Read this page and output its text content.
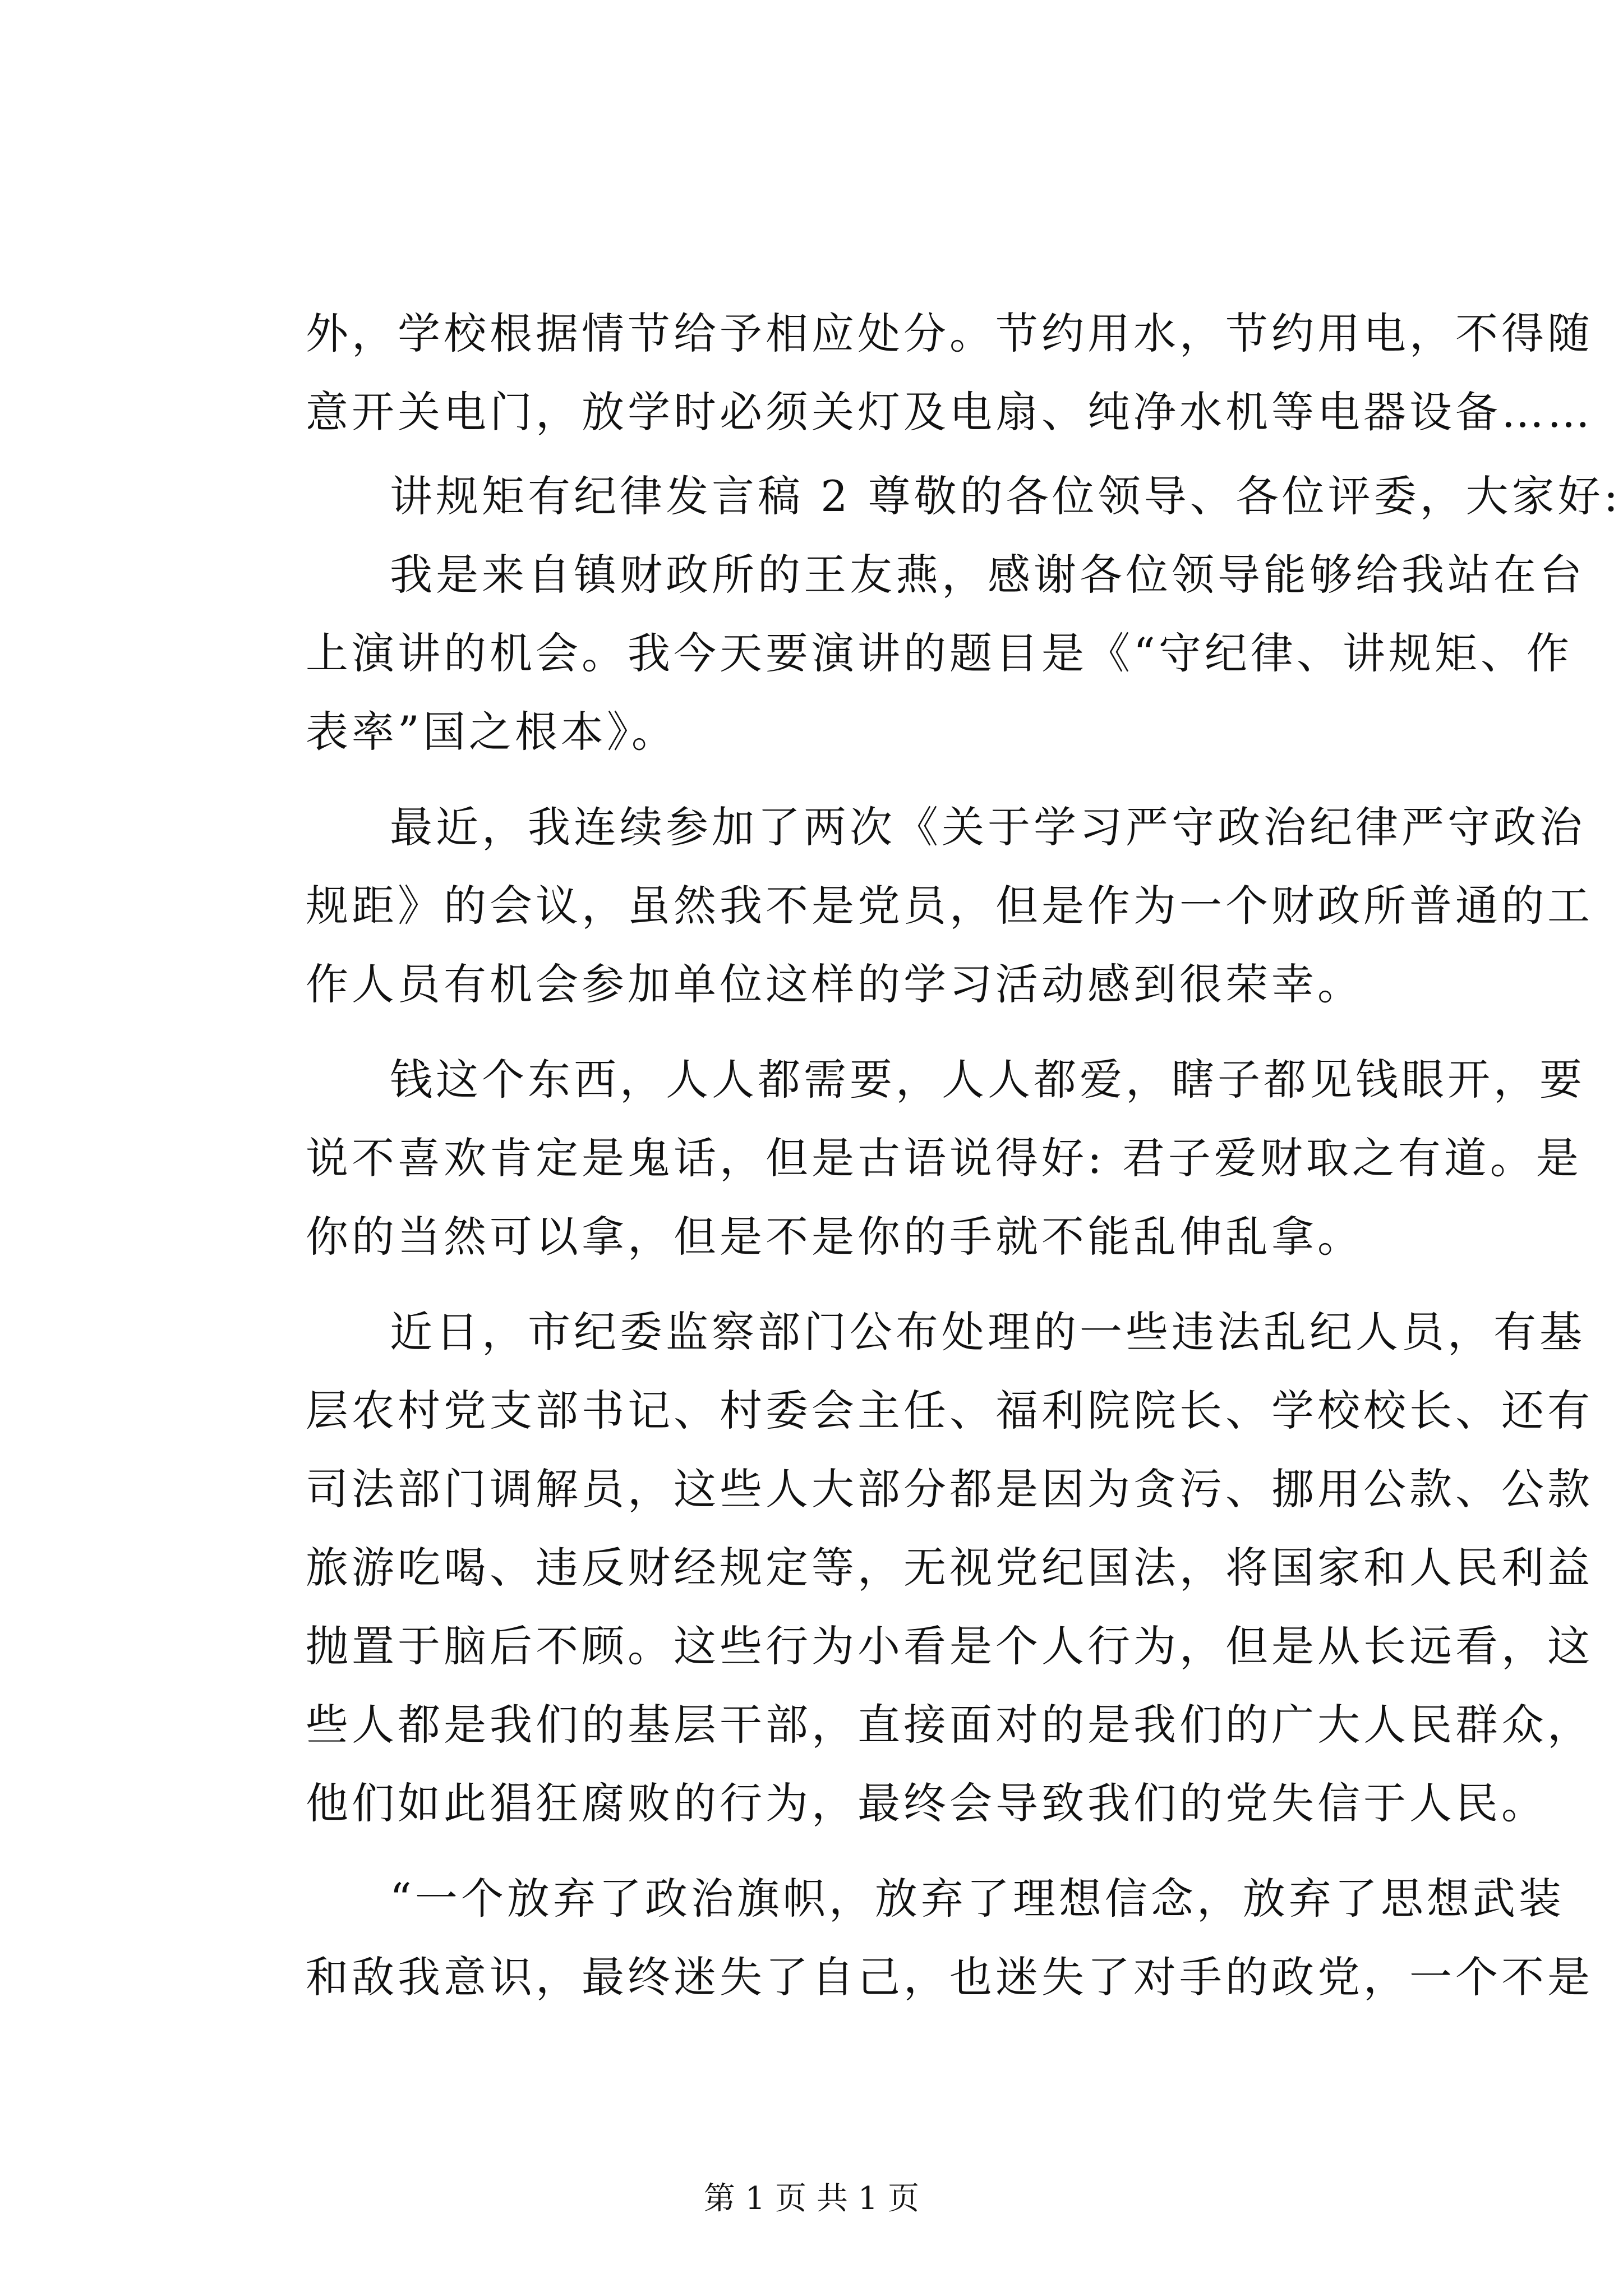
外，学校根据情节给予相应处分。节约用水，节约用电，不得随
意开关电门，放学时必须关灯及电扇、纯净水机等电器设备……
讲规矩有纪律发言稿 2 尊敬的各位领导、各位评委，大家好:
我是来自镇财政所的王友燕，感谢各位领导能够给我站在台
上演讲的机会。我今天要演讲的题目是《“守纪律、讲规矩、作
表率”国之根本》。
最近，我连续参加了两次《关于学习严守政治纪律严守政治
规距》的会议，虽然我不是党员，但是作为一个财政所普通的工
作人员有机会参加单位这样的学习活动感到很荣幸。
钱这个东西，人人都需要，人人都爱，瞎子都见钱眼开，要
说不喜欢肯定是鬼话，但是古语说得好: 君子爱财取之有道。是
你的当然可以拿，但是不是你的手就不能乱伸乱拿。
近日，市纪委监察部门公布处理的一些违法乱纪人员，有基
层农村党支部书记、村委会主任、福利院院长、学校校长、还有
司法部门调解员，这些人大部分都是因为贪污、挪用公款、公款
旅游吃喝、违反财经规定等，无视党纪国法，将国家和人民利益
抛置于脑后不顾。这些行为小看是个人行为，但是从长远看，这
些人都是我们的基层干部，直接面对的是我们的广大人民群众，
他们如此猖狂腐败的行为，最终会导致我们的党失信于人民。
“一个放弃了政治旗帜，放弃了理想信念，放弃了思想武装
和敌我意识，最终迷失了自己，也迷失了对手的政党，一个不是
第 1 页 共 1 页
